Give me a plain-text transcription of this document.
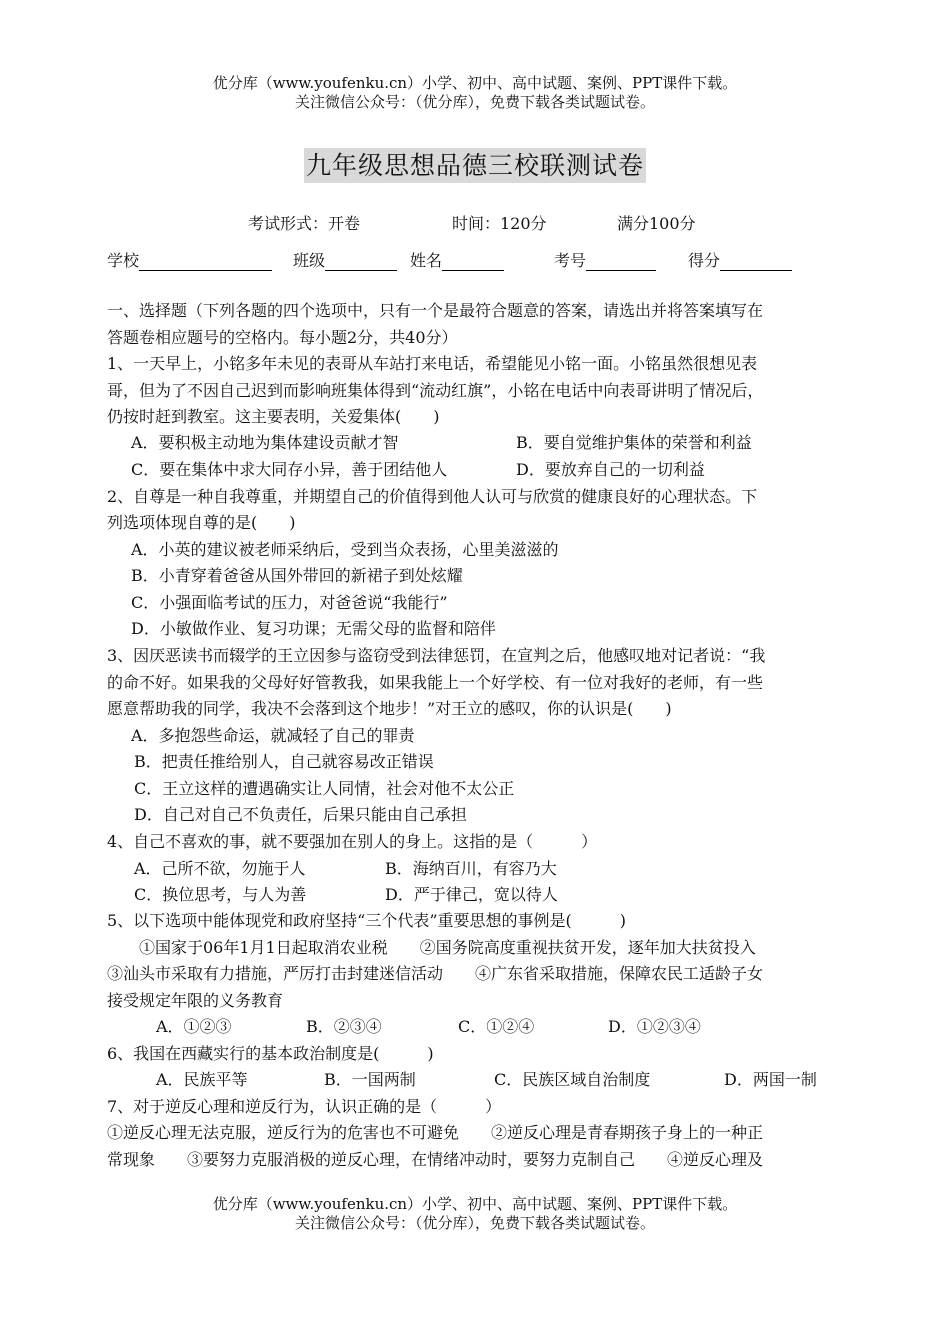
优分库（www.youfenku.cn）小学、初中、高中试题、案例、PPT课件下载。
关注微信公众号：（优分库），免费下载各类试题试卷。
九年级思想品德三校联测试卷
考试形式：开卷	时间：120分	满分100分
学校	班级	姓名	考号	得分
一、选择题（下列各题的四个选项中，只有一个是最符合题意的答案，请选出并将答案填写在
答题卷相应题号的空格内。每小题2分，共40分）
1、一天早上，小铭多年未见的表哥从车站打来电话，希望能见小铭一面。小铭虽然很想见表
哥，但为了不因自己迟到而影响班集体得到“流动红旗”，小铭在电话中向表哥讲明了情况后，
仍按时赶到教室。这主要表明，关爱集体(　　)
A．要积极主动地为集体建设贡献才智	B．要自觉维护集体的荣誉和利益
C．要在集体中求大同存小异，善于团结他人	D．要放弃自己的一切利益
2、自尊是一种自我尊重，并期望自己的价值得到他人认可与欣赏的健康良好的心理状态。下
列选项体现自尊的是(　　)
A．小英的建议被老师采纳后，受到当众表扬，心里美滋滋的
B．小青穿着爸爸从国外带回的新裙子到处炫耀
C．小强面临考试的压力，对爸爸说“我能行”
D．小敏做作业、复习功课；无需父母的监督和陪伴
3、因厌恶读书而辍学的王立因参与盗窃受到法律惩罚，在宣判之后，他感叹地对记者说：“我
的命不好。如果我的父母好好管教我，如果我能上一个好学校、有一位对我好的老师，有一些
愿意帮助我的同学，我决不会落到这个地步！”对王立的感叹，你的认识是(　　)
A．多抱怨些命运，就减轻了自己的罪责
B．把责任推给别人，自己就容易改正错误
C．王立这样的遭遇确实让人同情，社会对他不太公正
D．自己对自己不负责任，后果只能由自己承担
4、自己不喜欢的事，就不要强加在别人的身上。这指的是（　　　）
A．己所不欲，勿施于人	B．海纳百川，有容乃大
C．换位思考，与人为善	D．严于律己，宽以待人
5、以下选项中能体现党和政府坚持“三个代表”重要思想的事例是(　　　)
　　①国家于06年1月1日起取消农业税　　②国务院高度重视扶贫开发，逐年加大扶贫投入
③汕头市采取有力措施，严厉打击封建迷信活动　　④广东省采取措施，保障农民工适龄子女
接受规定年限的义务教育
A．①②③	B．②③④	C．①②④	D．①②③④
6、我国在西藏实行的基本政治制度是(　　　)
A．民族平等	B．一国两制	C．民族区域自治制度	D．两国一制
7、对于逆反心理和逆反行为，认识正确的是（　　　）
①逆反心理无法克服，逆反行为的危害也不可避免　　②逆反心理是青春期孩子身上的一种正
常现象　　③要努力克服消极的逆反心理，在情绪冲动时，要努力克制自己　　④逆反心理及
优分库（www.youfenku.cn）小学、初中、高中试题、案例、PPT课件下载。
关注微信公众号：（优分库），免费下载各类试题试卷。
